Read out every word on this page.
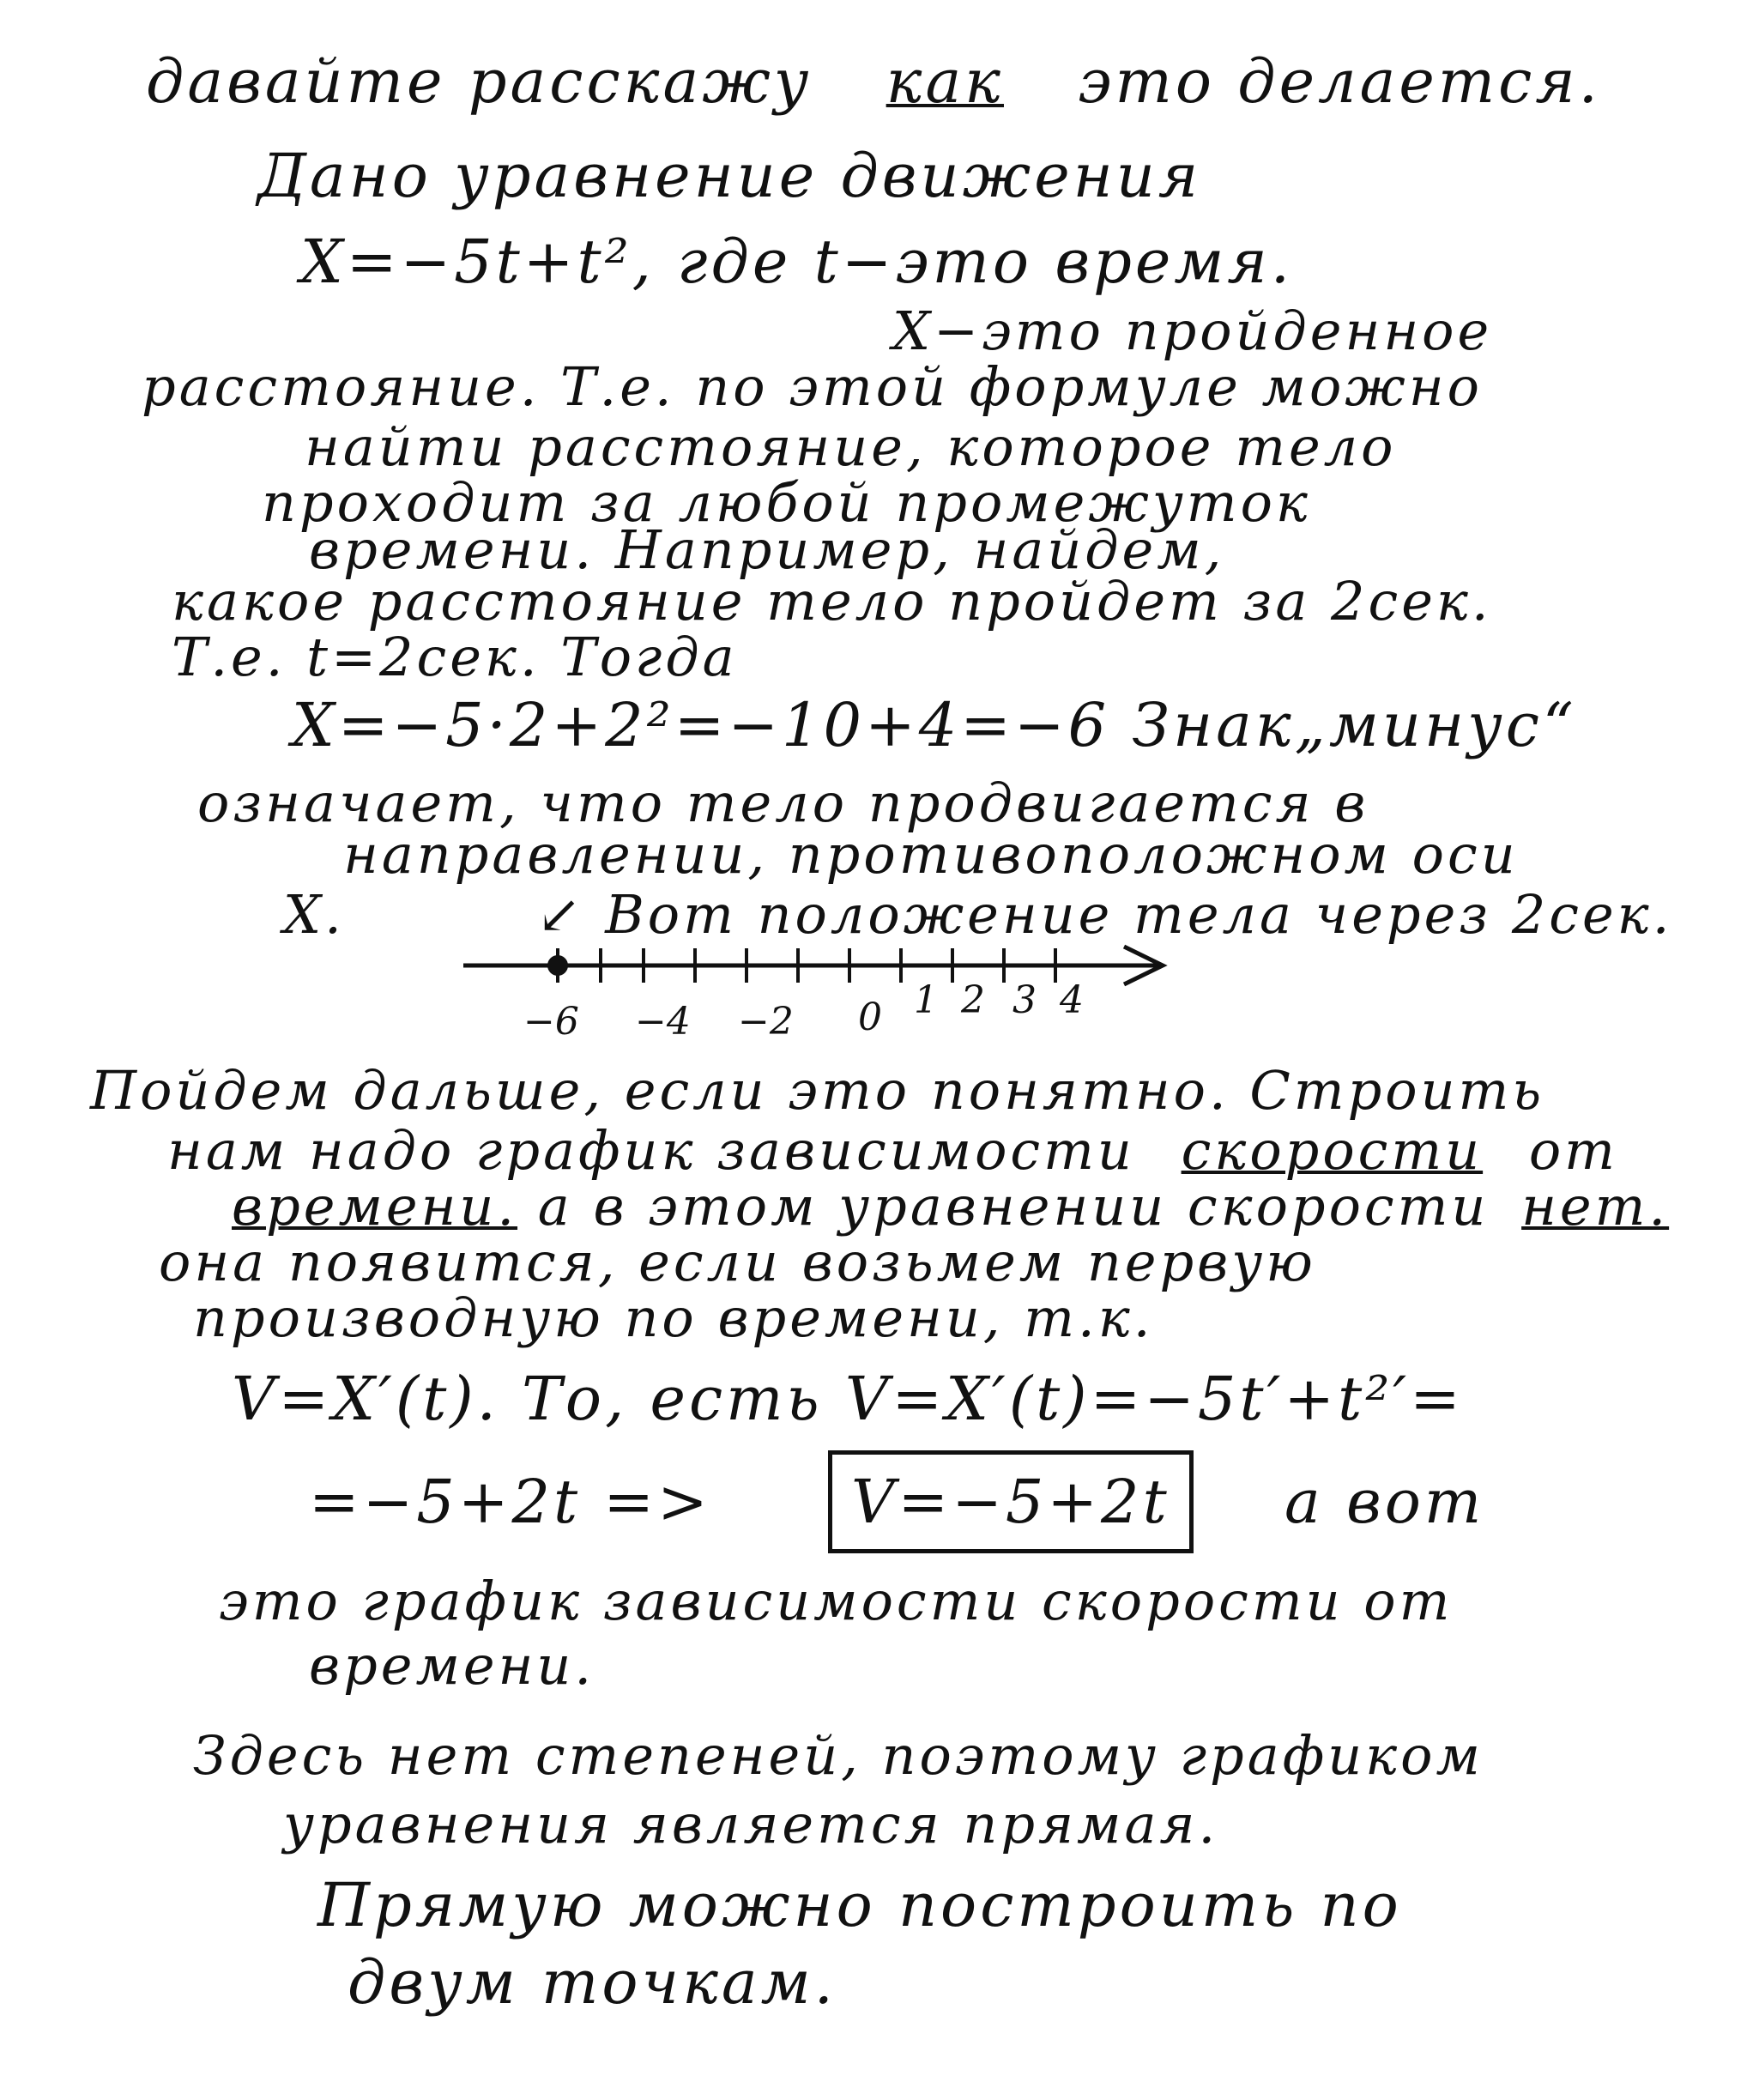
давайте расскажу как это делается.
Дано уравнение движения
X=−5t+t², где t−это время.
X−это пройденное
расстояние. Т.е. по этой формуле можно
найти расстояние, которое тело
проходит за любой промежуток
времени. Например, найдем,
какое расстояние тело пройдет за 2сек.
Т.е. t=2сек. Тогда
X=−5·2+2²=−10+4=−6 Знак„минус“
означает, что тело продвигается в
направлении, противоположном оси
X.	↙ Вот положение тела через 2сек.
−6 −4 −2 0 1 2 3 4
Пойдем дальше, если это понятно. Строить
нам надо график зависимости скорости от
времени. а в этом уравнении скорости нет.
она появится, если возьмем первую
производную по времени, т.к.
V=X′(t). То, есть V=X′(t)=−5t′+t²′=
=−5+2t => V=−5+2t а вот
это график зависимости скорости от
времени.
Здесь нет степеней, поэтому графиком
уравнения является прямая.
Прямую можно построить по
двум точкам.
